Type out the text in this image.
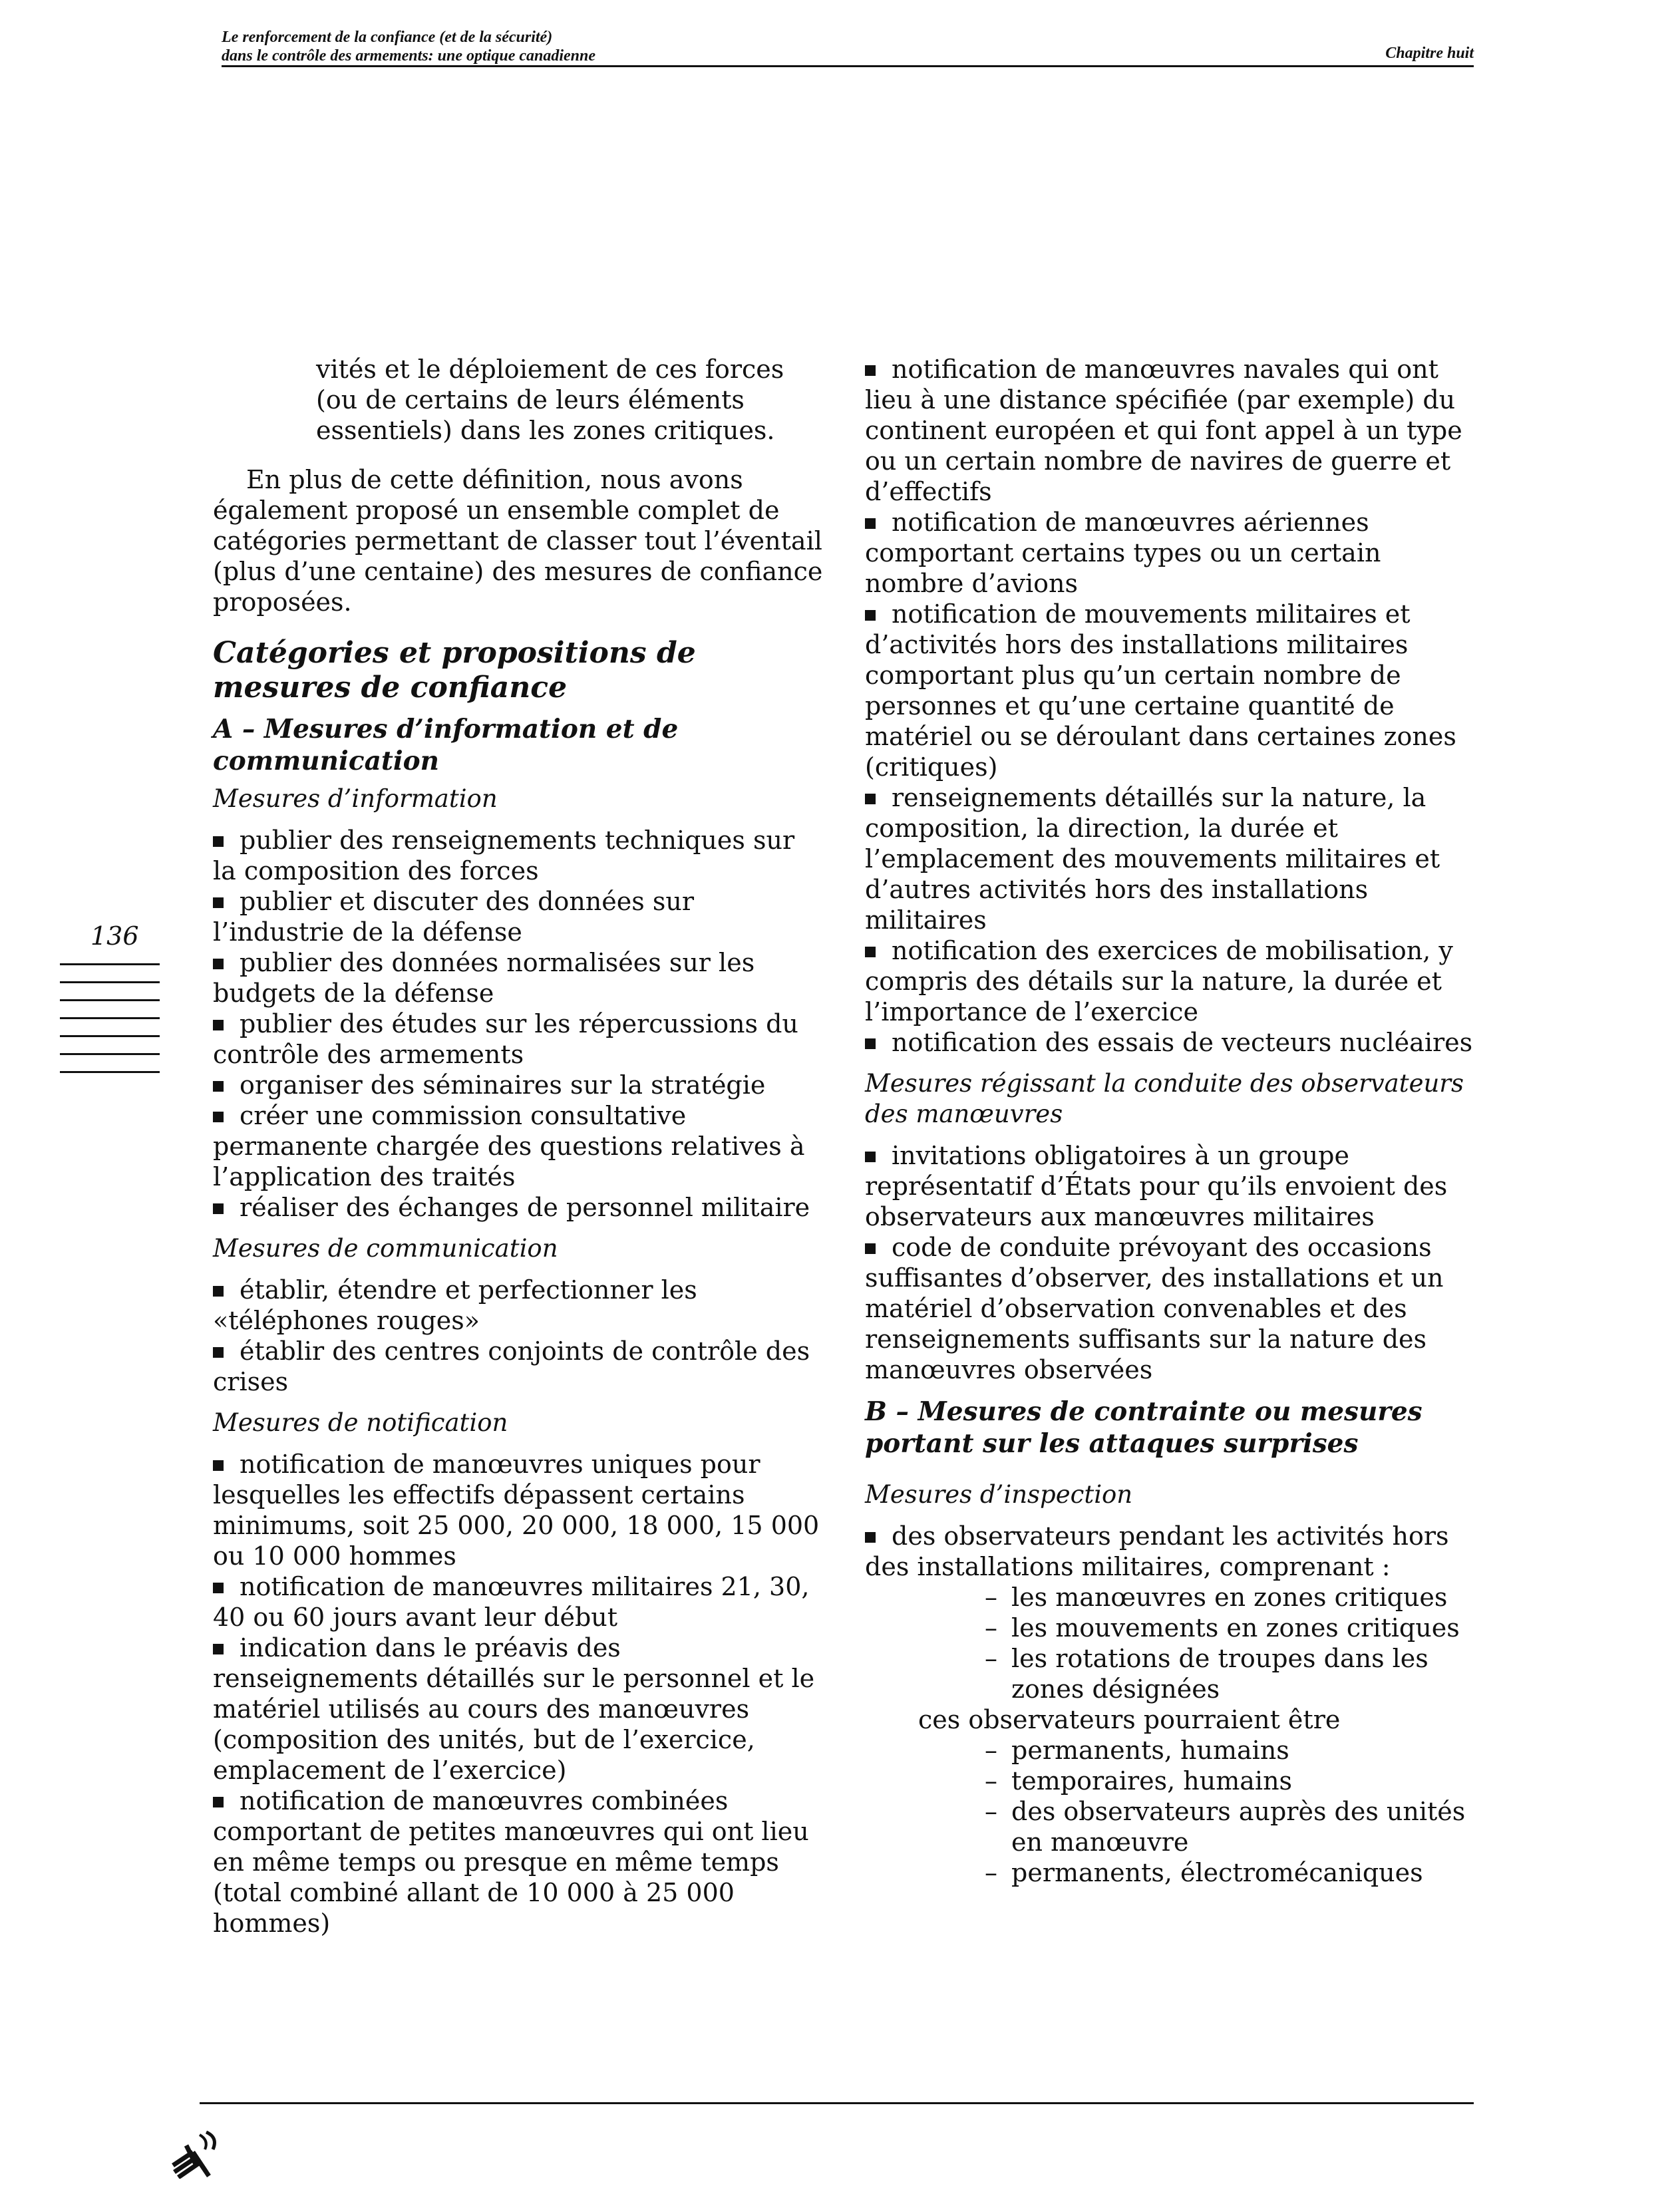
Le renforcement de la confiance (et de la sécurité)
dans le contrôle des armements: une optique canadienne	Chapitre huit
136

vités et le déploiement de ces forces (ou de certains de leurs éléments essentiels) dans les zones critiques.

En plus de cette définition, nous avons également proposé un ensemble complet de catégories permettant de classer tout l’éventail (plus d’une centaine) des mesures de confiance proposées.

Catégories et propositions de mesures de confiance
A – Mesures d’information et de communication
Mesures d’information
publier des renseignements techniques sur la composition des forces
publier et discuter des données sur l’industrie de la défense
publier des données normalisées sur les budgets de la défense
publier des études sur les répercussions du contrôle des armements
organiser des séminaires sur la stratégie
créer une commission consultative permanente chargée des questions relatives à l’application des traités
réaliser des échanges de personnel militaire
Mesures de communication
établir, étendre et perfectionner les «téléphones rouges»
établir des centres conjoints de contrôle des crises
Mesures de notification
notification de manœuvres uniques pour lesquelles les effectifs dépassent certains minimums, soit 25 000, 20 000, 18 000, 15 000 ou 10 000 hommes
notification de manœuvres militaires 21, 30, 40 ou 60 jours avant leur début
indication dans le préavis des renseignements détaillés sur le personnel et le matériel utilisés au cours des manœuvres (composition des unités, but de l’exercice, emplacement de l’exercice)
notification de manœuvres combinées comportant de petites manœuvres qui ont lieu en même temps ou presque en même temps (total combiné allant de 10 000 à 25 000 hommes)
notification de manœuvres navales qui ont lieu à une distance spécifiée (par exemple) du continent européen et qui font appel à un type ou un certain nombre de navires de guerre et d’effectifs
notification de manœuvres aériennes comportant certains types ou un certain nombre d’avions
notification de mouvements militaires et d’activités hors des installations militaires comportant plus qu’un certain nombre de personnes et qu’une certaine quantité de matériel ou se déroulant dans certaines zones (critiques)
renseignements détaillés sur la nature, la composition, la direction, la durée et l’emplacement des mouvements militaires et d’autres activités hors des installations militaires
notification des exercices de mobilisation, y compris des détails sur la nature, la durée et l’importance de l’exercice
notification des essais de vecteurs nucléaires
Mesures régissant la conduite des observateurs des manœuvres
invitations obligatoires à un groupe représentatif d’États pour qu’ils envoient des observateurs aux manœuvres militaires
code de conduite prévoyant des occasions suffisantes d’observer, des installations et un matériel d’observation convenables et des renseignements suffisants sur la nature des manœuvres observées
B – Mesures de contrainte ou mesures portant sur les attaques surprises
Mesures d’inspection
des observateurs pendant les activités hors des installations militaires, comprenant :
– les manœuvres en zones critiques
– les mouvements en zones critiques
– les rotations de troupes dans les zones désignées

ces observateurs pourraient être

– permanents, humains
– temporaires, humains
– des observateurs auprès des unités en manœuvre
– permanents, électromécaniques
